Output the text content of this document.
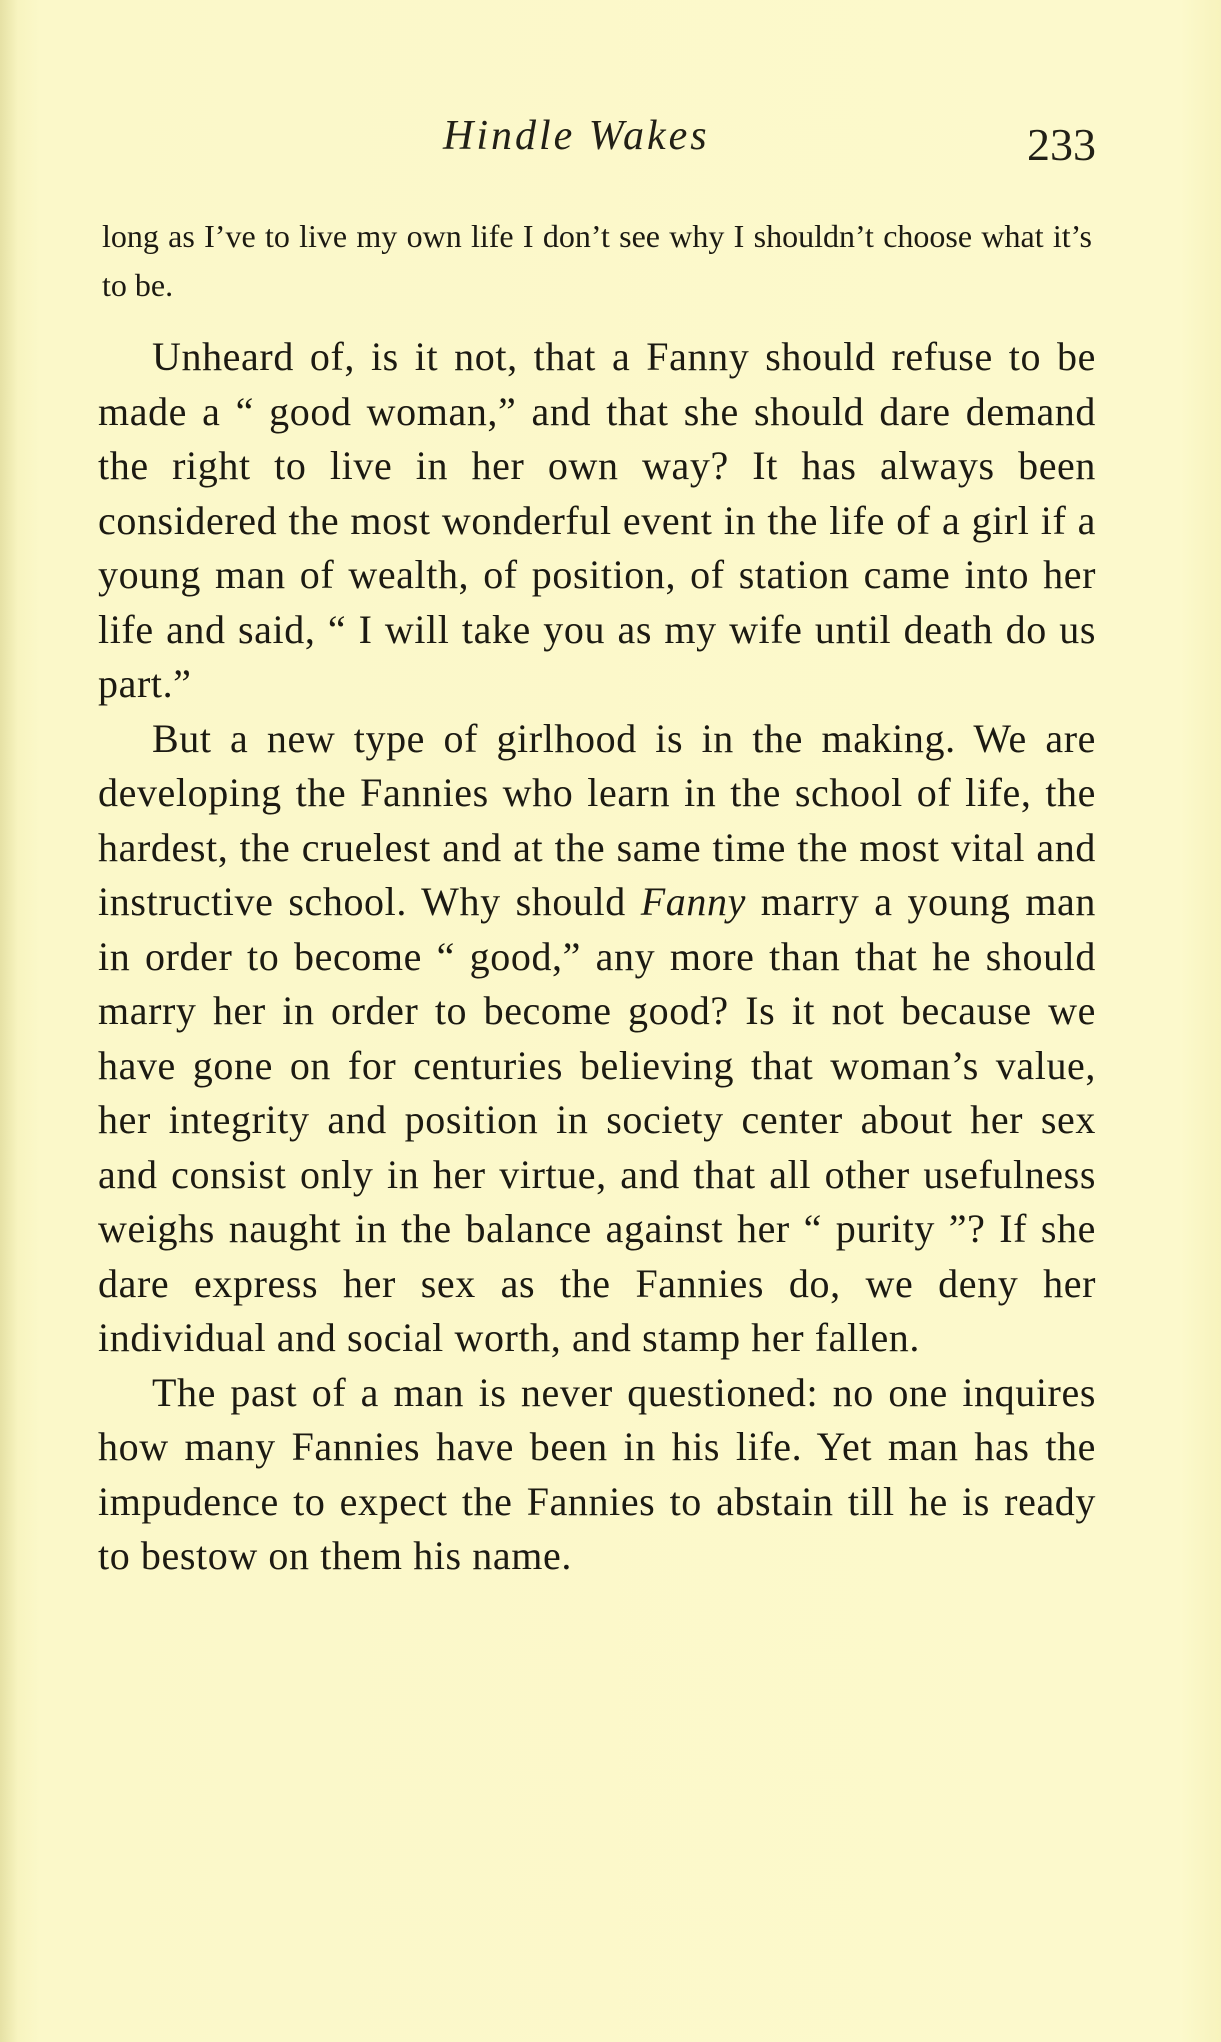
Hindle Wakes	233
long as I’ve to live my own life I don’t see why I shouldn’t choose what it’s to be.

Unheard of, is it not, that a Fanny should refuse to be made a “ good woman,” and that she should dare demand the right to live in her own way? It has always been considered the most wonderful event in the life of a girl if a young man of wealth, of position, of station came into her life and said, “ I will take you as my wife until death do us part.”

But a new type of girlhood is in the making. We are developing the Fannies who learn in the school of life, the hardest, the cruelest and at the same time the most vital and instructive school. Why should Fanny marry a young man in order to become “ good,” any more than that he should marry her in order to become good? Is it not because we have gone on for centuries believing that woman’s value, her integrity and position in society center about her sex and consist only in her virtue, and that all other usefulness weighs naught in the balance against her “ purity ”? If she dare express her sex as the Fannies do, we deny her individual and social worth, and stamp her fallen.

The past of a man is never questioned: no one inquires how many Fannies have been in his life. Yet man has the impudence to expect the Fannies to abstain till he is ready to bestow on them his name.
